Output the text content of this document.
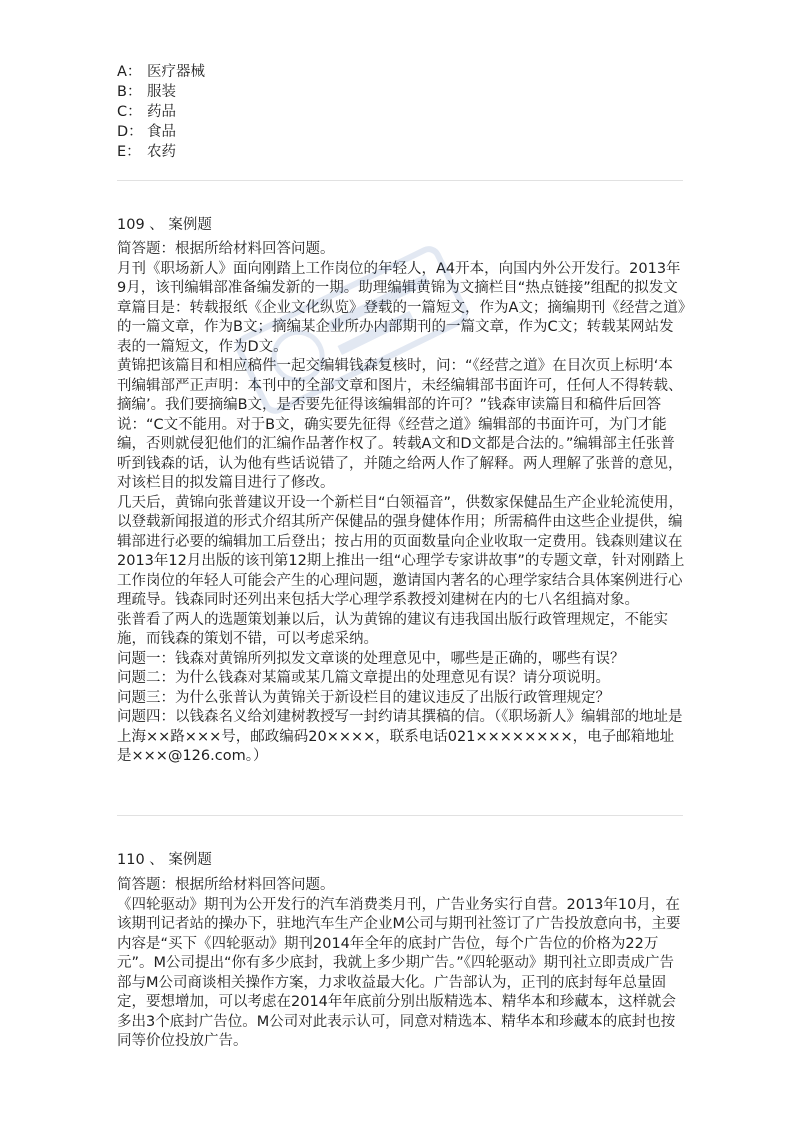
A： 医疗器械
B： 服装
C： 药品
D： 食品
E： 农药
109 、 案例题

简答题：根据所给材料回答问题。

月刊《职场新人》面向刚踏上工作岗位的年轻人，A4开本，向国内外公开发行。2013年9月，该刊编辑部准备编发新的一期。助理编辑黄锦为文摘栏目“热点链接”组配的拟发文章篇目是：转载报纸《企业文化纵览》登载的一篇短文，作为A文；摘编期刊《经营之道》的一篇文章，作为B文；摘编某企业所办内部期刊的一篇文章，作为C文；转载某网站发表的一篇短文，作为D文。

黄锦把该篇目和相应稿件一起交编辑钱森复核时，问：“《经营之道》在目次页上标明‘本刊编辑部严正声明：本刊中的全部文章和图片，未经编辑部书面许可，任何人不得转载、摘编’。我们要摘编B文，是否要先征得该编辑部的许可？”钱森审读篇目和稿件后回答说：“C文不能用。对于B文，确实要先征得《经营之道》编辑部的书面许可，为门才能编，否则就侵犯他们的汇编作品著作权了。转载A文和D文都是合法的。”编辑部主任张普听到钱森的话，认为他有些话说错了，并随之给两人作了解释。两人理解了张普的意见，对该栏目的拟发篇目进行了修改。

几天后，黄锦向张普建议开设一个新栏目“白领福音”，供数家保健品生产企业轮流使用，以登载新闻报道的形式介绍其所产保健品的强身健体作用；所需稿件由这些企业提供，编辑部进行必要的编辑加工后登出；按占用的页面数量向企业收取一定费用。钱森则建议在2013年12月出版的该刊第12期上推出一组“心理学专家讲故事”的专题文章，针对刚踏上工作岗位的年轻人可能会产生的心理问题，邀请国内著名的心理学家结合具体案例进行心理疏导。钱森同时还列出来包括大学心理学系教授刘建树在内的七八名组搞对象。

张普看了两人的选题策划兼以后，认为黄锦的建议有违我国出版行政管理规定，不能实施，而钱森的策划不错，可以考虑采纳。

问题一：钱森对黄锦所列拟发文章谈的处理意见中，哪些是正确的，哪些有误？

问题二：为什么钱森对某篇或某几篇文章提出的处理意见有误？请分项说明。

问题三：为什么张普认为黄锦关于新设栏目的建议违反了出版行政管理规定？

问题四：以钱森名义给刘建树教授写一封约请其撰稿的信。（《职场新人》编辑部的地址是上海××路×××号，邮政编码20××××，联系电话021××××××××，电子邮箱地址是×××@126.com。）

110 、 案例题

简答题：根据所给材料回答问题。

《四轮驱动》期刊为公开发行的汽车消费类月刊，广告业务实行自营。2013年10月，在该期刊记者站的操办下，驻地汽车生产企业M公司与期刊社签订了广告投放意向书，主要内容是“买下《四轮驱动》期刊2014年全年的底封广告位，每个广告位的价格为22万元”。M公司提出“你有多少底封，我就上多少期广告。”《四轮驱动》期刊社立即责成广告部与M公司商谈相关操作方案，力求收益最大化。广告部认为，正刊的底封每年总量固定，要想增加，可以考虑在2014年年底前分别出版精选本、精华本和珍藏本，这样就会多出3个底封广告位。M公司对此表示认可，同意对精选本、精华本和珍藏本的底封也按同等价位投放广告。
